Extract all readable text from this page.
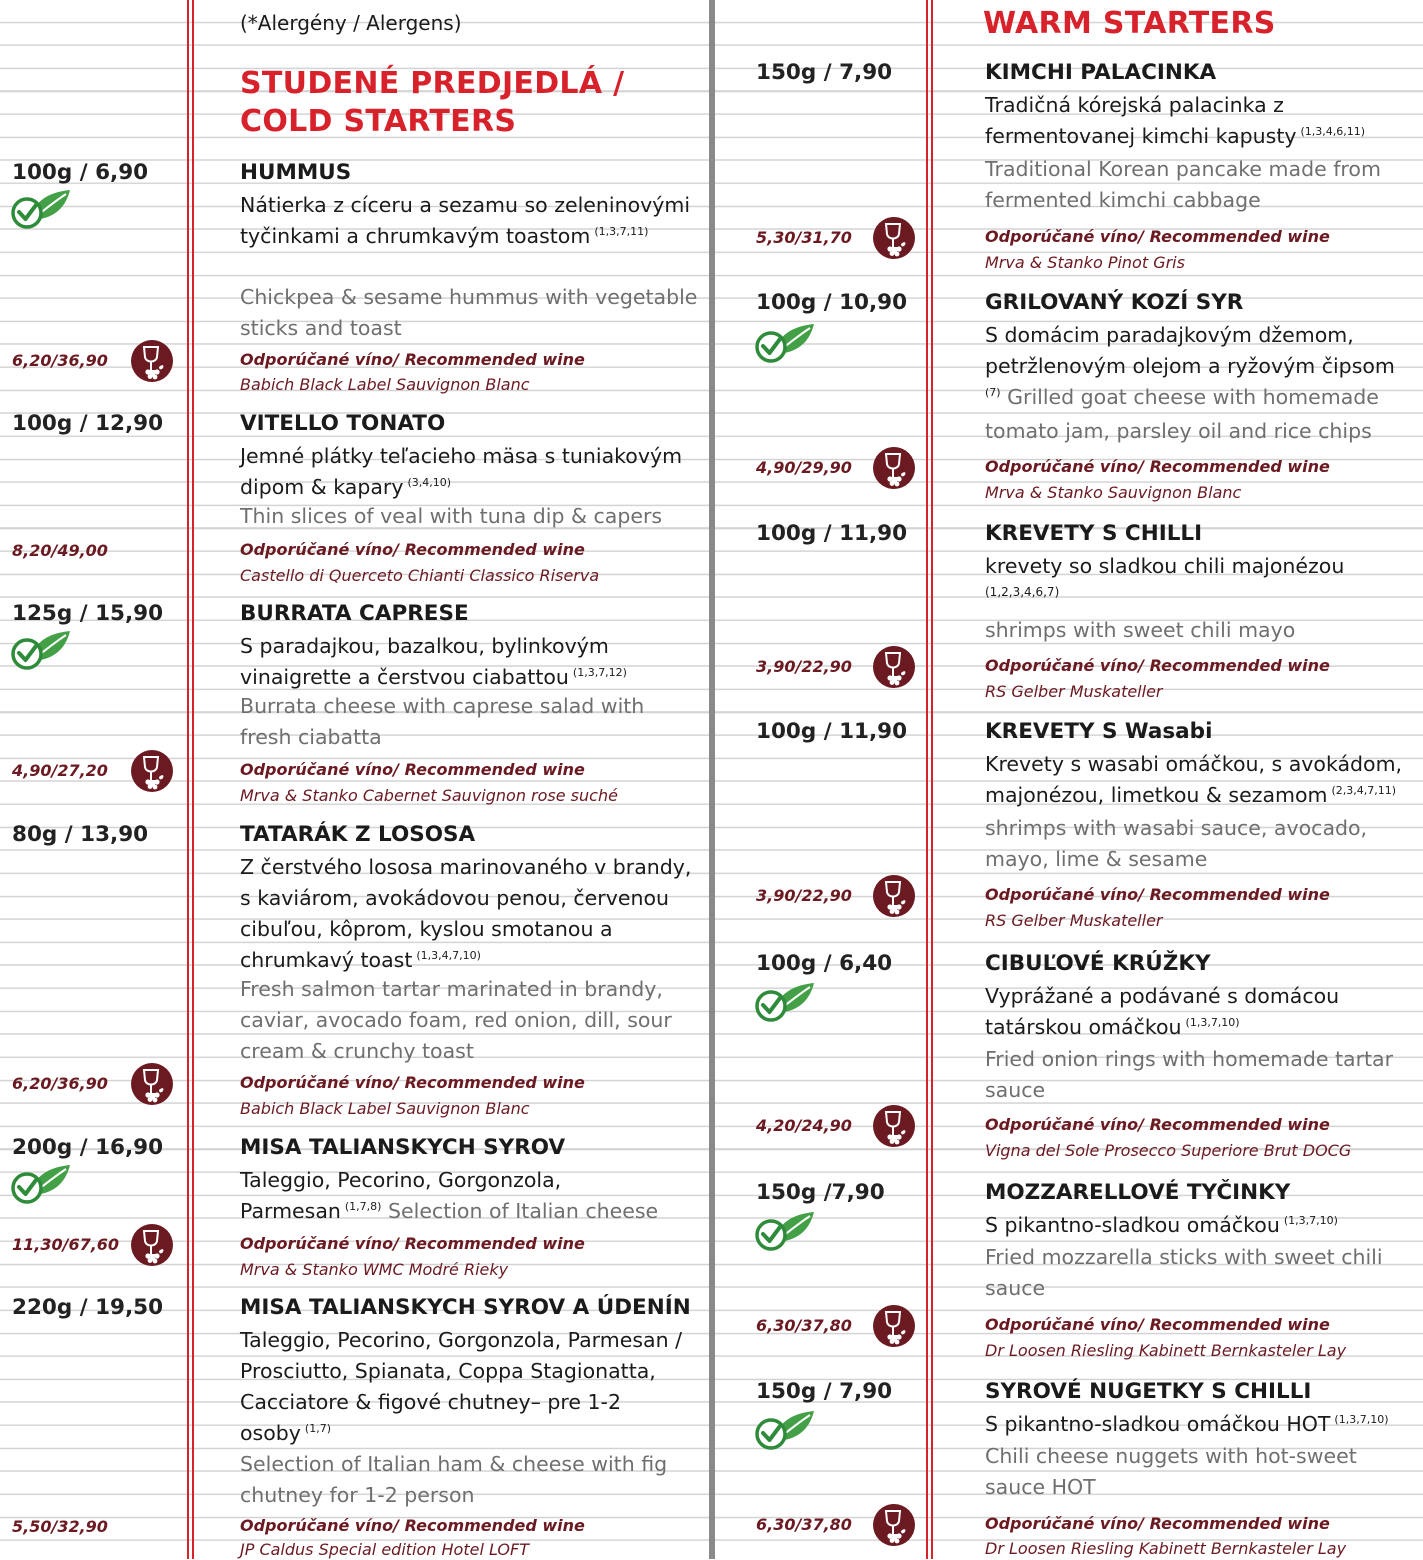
(*Alergény / Alergens)

STUDENÉ PREDJEDLÁ /
COLD STARTERS

100g / 6,90	HUMMUS

Nátierka z cíceru a sezamu so zeleninovými tyčinkami a chrumkavým toastom $^{(1,3,7,11)}$

Chickpea & sesame hummus with vegetable sticks and toast

6,20/36,90	Odporúčané víno/ Recommended wine

Babich Black Label Sauvignon Blanc

100g / 12,90	VITELLO TONATO

Jemné plátky teľacieho mäsa s tuniakovým dipom & kapary $^{(3,4,10)}$

Thin slices of veal with tuna dip & capers

8,20/49,00	Odporúčané víno/ Recommended wine

Castello di Querceto Chianti Classico Riserva

125g / 15,90	BURRATA CAPRESE

S paradajkou, bazalkou, bylinkovým vinaigrette a čerstvou ciabattou $^{(1,3,7,12)}$

Burrata cheese with caprese salad with fresh ciabatta

4,90/27,20	Odporúčané víno/ Recommended wine

Mrva & Stanko Cabernet Sauvignon rose suché

80g / 13,90	TATARÁK Z LOSOSA

Z čerstvého lososa marinovaného v brandy, s kaviárom, avokádovou penou, červenou cibuľou, kôprom, kyslou smotanou a chrumkavý toast $^{(1,3,4,7,10)}$

Fresh salmon tartar marinated in brandy, caviar, avocado foam, red onion, dill, sour cream & crunchy toast

6,20/36,90	Odporúčané víno/ Recommended wine

Babich Black Label Sauvignon Blanc

200g / 16,90	MISA TALIANSKYCH SYROV

Taleggio, Pecorino, Gorgonzola, Parmesan $^{(1,7,8)}$ Selection of Italian cheese

11,30/67,60	Odporúčané víno/ Recommended wine

Mrva & Stanko WMC Modré Rieky

220g / 19,50	MISA TALIANSKYCH SYROV A ÚDENÍN

Taleggio, Pecorino, Gorgonzola, Parmesan / Prosciutto, Spianata, Coppa Stagionatta, Cacciatore & figové chutney– pre 1-2 osoby $^{(1,7)}$

Selection of Italian ham & cheese with fig chutney for 1-2 person

5,50/32,90	Odporúčané víno/ Recommended wine

JP Caldus Special edition Hotel LOFT

WARM STARTERS

150g / 7,90	KIMCHI PALACINKA

Tradičná kórejská palacinka z fermentovanej kimchi kapusty $^{(1,3,4,6,11)}$

Traditional Korean pancake made from fermented kimchi cabbage

5,30/31,70	Odporúčané víno/ Recommended wine

Mrva & Stanko Pinot Gris

100g / 10,90	GRILOVANÝ KOZÍ SYR

S domácim paradajkovým džemom, petržlenovým olejom a ryžovým čipsom
$^{(7)}$ Grilled goat cheese with homemade tomato jam, parsley oil and rice chips

4,90/29,90	Odporúčané víno/ Recommended wine

Mrva & Stanko Sauvignon Blanc

100g / 11,90	KREVETY S CHILLI

krevety so sladkou chili majonézou

(1,2,3,4,6,7)

shrimps with sweet chili mayo

3,90/22,90	Odporúčané víno/ Recommended wine

RS Gelber Muskateller

100g / 11,90	KREVETY S Wasabi

Krevety s wasabi omáčkou, s avokádom, majonézou, limetkou & sezamom $^{(2,3,4,7,11)}$

shrimps with wasabi sauce, avocado, mayo, lime & sesame

3,90/22,90	Odporúčané víno/ Recommended wine

RS Gelber Muskateller

100g / 6,40	CIBUĽOVÉ KRÚŽKY

Vyprážané a podávané s domácou tatárskou omáčkou $^{(1,3,7,10)}$

Fried onion rings with homemade tartar sauce

4,20/24,90	Odporúčané víno/ Recommended wine

Vigna del Sole Prosecco Superiore Brut DOCG

150g /7,90	MOZZARELLOVÉ TYČINKY

S pikantno-sladkou omáčkou $^{(1,3,7,10)}$

Fried mozzarella sticks with sweet chili sauce

6,30/37,80	Odporúčané víno/ Recommended wine

Dr Loosen Riesling Kabinett Bernkasteler Lay

150g / 7,90	SYROVÉ NUGETKY S CHILLI

S pikantno-sladkou omáčkou HOT $^{(1,3,7,10)}$

Chili cheese nuggets with hot-sweet sauce HOT

6,30/37,80	Odporúčané víno/ Recommended wine

Dr Loosen Riesling Kabinett Bernkasteler Lay
